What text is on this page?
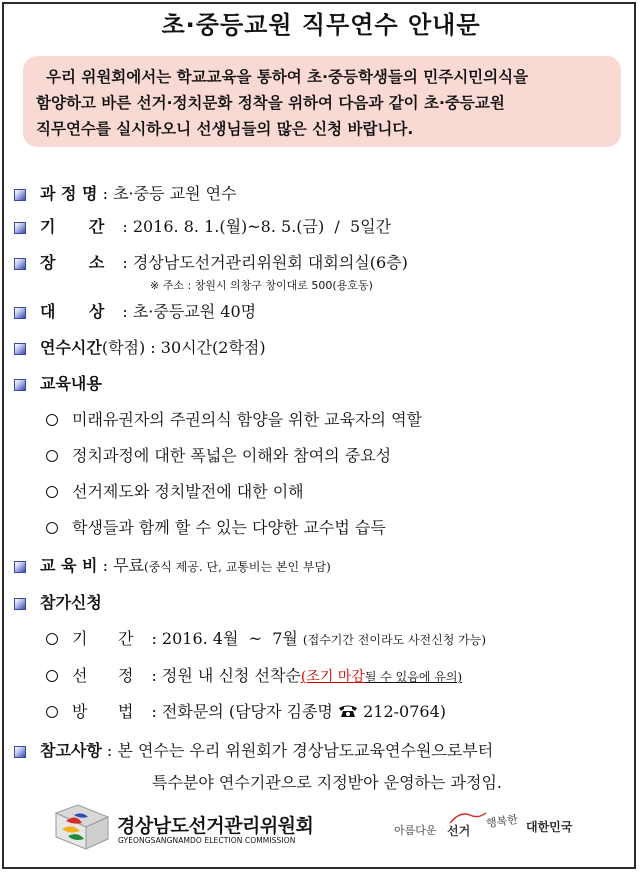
초·중등교원 직무연수 안내문
우리 위원회에서는 학교교육을 통하여 초·중등학생들의 민주시민의식을
함양하고 바른 선거·정치문화 정착을 위하여 다음과 같이 초·중등교원
직무연수를 실시하오니 선생님들의 많은 신청 바랍니다.
과 정 명 : 초·중등 교원 연수
기      간 : 2016. 8. 1.(월)~8. 5.(금)  /  5일간
장      소 : 경상남도선거관리위원회 대회의실(6층)
※ 주소 : 창원시 의창구 창이대로 500(용호동)
대      상 : 초·중등교원 40명
연수시간(학점) : 30시간(2학점)
교육내용
미래유권자의 주권의식 함양을 위한 교육자의 역할
정치과정에 대한 폭넓은 이해와 참여의 중요성
선거제도와 정치발전에 대한 이해
학생들과 함께 할 수 있는 다양한 교수법 습득
교 육 비 : 무료(중식 제공. 단, 교통비는 본인 부담)
참가신청
기      간 : 2016. 4월  ~  7월 (접수기간 전이라도 사전신청 가능)
선      정 : 정원 내 신청 선착순(조기 마감될 수 있음에 유의)
방      법 : 전화문의 (담당자 김종명 212-0764)
참고사항 : 본 연수는 우리 위원회가 경상남도교육연수원으로부터
특수분야 연수기관으로 지정받아 운영하는 과정임.
경상남도선거관리위원회
GYEONGSANGNAMDO ELECTION COMMISSION
아름다운 선거
행복한 대한민국
